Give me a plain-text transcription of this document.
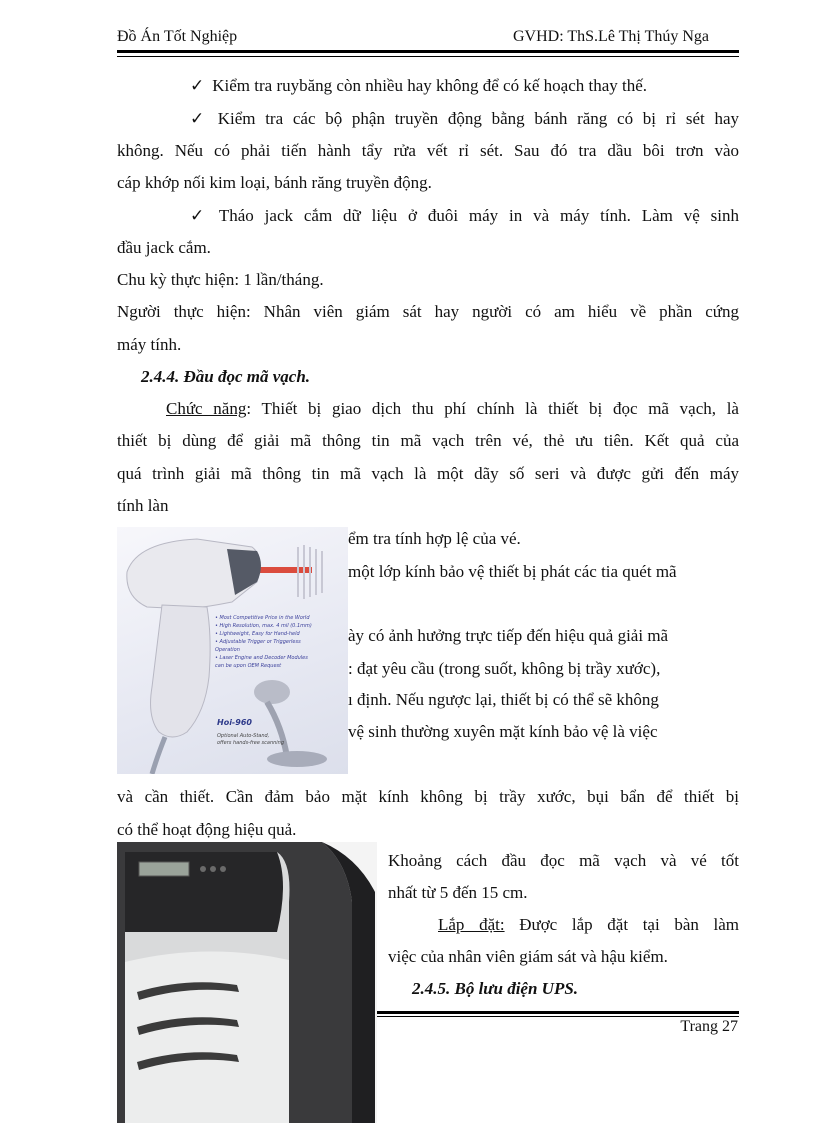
Đồ Án Tốt Nghiệp	GVHD: ThS.Lê Thị Thúy Nga
✓ Kiểm tra ruybăng còn nhiều hay không để có kế hoạch thay thế.
✓ Kiểm tra các bộ phận truyền động bằng bánh răng có bị rỉ sét hay
không. Nếu có phải tiến hành tẩy rửa vết rỉ sét. Sau đó tra dầu bôi trơn vào
cáp khớp nối kim loại, bánh răng truyền động.
✓ Tháo jack cắm dữ liệu ở đuôi máy in và máy tính. Làm vệ sinh
đầu jack cắm.
Chu kỳ thực hiện: 1 lần/tháng.
Người thực hiện: Nhân viên giám sát hay người có am hiểu về phần cứng
máy tính.
2.4.4. Đầu đọc mã vạch.
Chức năng: Thiết bị giao dịch thu phí chính là thiết bị đọc mã vạch, là
thiết bị dùng để giải mã thông tin mã vạch trên vé, thẻ ưu tiên. Kết quả của
quá trình giải mã thông tin mã vạch là một dãy số seri và được gửi đến máy
tính làn
• Most Competitive Price in the World
• High Resolution, max. 4 mil (0.1mm)
• Lightweight, Easy for Hand-held
• Adjustable Trigger or Triggerless
Operation
• Laser Engine and Decoder Modules
can be upon OEM Request
Hoi-960
Optional Auto-Stand,
offers hands-free scanning
ểm tra tính hợp lệ của vé.
một lớp kính bảo vệ thiết bị phát các tia quét mã
ày có ảnh hưởng trực tiếp đến hiệu quả giải mã
: đạt yêu cầu (trong suốt, không bị trầy xước),
ı định. Nếu ngược lại, thiết bị có thể sẽ không
vệ sinh thường xuyên mặt kính bảo vệ là việc
và cần thiết. Cần đảm bảo mặt kính không bị trầy xước, bụi bẩn để thiết bị
có thể hoạt động hiệu quả.
Khoảng cách đầu đọc mã vạch và vé tốt
nhất từ 5 đến 15 cm.
Lắp đặt: Được lắp đặt tại bàn làm
việc của nhân viên giám sát và hậu kiểm.
2.4.5. Bộ lưu điện UPS.
Trang 27
